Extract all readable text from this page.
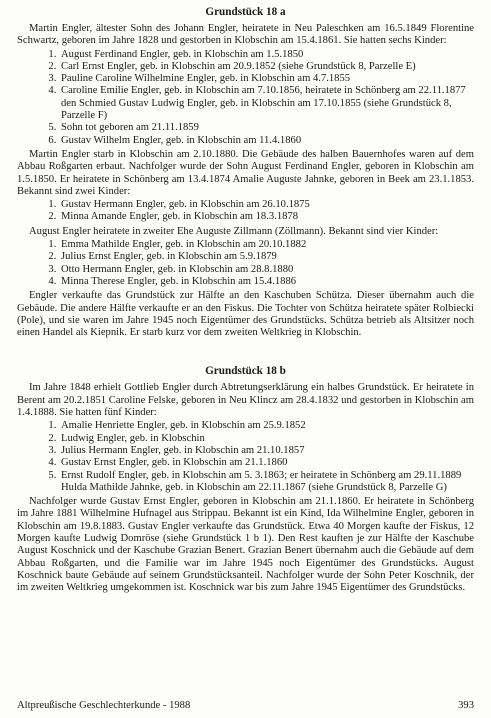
Grundstück 18 a

Martin Engler, ältester Sohn des Johann Engler, heiratete in Neu Paleschken am 16.5.1849 Florentine Schwartz, geboren im Jahre 1828 und gestorben in Klobschin am 15.4.1861. Sie hatten sechs Kinder:

1. August Ferdinand Engler, geb. in Klobschin am 1.5.1850
2. Carl Ernst Engler, geb. in Klobschin am 20.9.1852 (siehe Grundstück 8, Parzelle E)
3. Pauline Caroline Wilhelmine Engler, geb. in Klobschin am 4.7.1855
4. Caroline Emilie Engler, geb. in Klobschin am 7.10.1856, heiratete in Schönberg am 22.11.1877 den Schmied Gustav Ludwig Engler, geb. in Klobschin am 17.10.1855 (siehe Grundstück 8, Parzelle F)
5. Sohn tot geboren am 21.11.1859
6. Gustav Wilhelm Engler, geb. in Klobschin am 11.4.1860

Martin Engler starb in Klobschin am 2.10.1880. Die Gebäude des halben Bauernhofes waren auf dem Abbau Roßgarten erbaut. Nachfolger wurde der Sohn August Ferdinand Engler, geboren in Klobschin am 1.5.1850. Er heiratete in Schönberg am 13.4.1874 Amalie Auguste Jahnke, geboren in Beek am 23.1.1853. Bekannt sind zwei Kinder:

1. Gustav Hermann Engler, geb. in Klobschin am 26.10.1875
2. Minna Amande Engler, geb. in Klobschin am 18.3.1878

August Engler heiratete in zweiter Ehe Auguste Zillmann (Zöllmann). Bekannt sind vier Kinder:

1. Emma Mathilde Engler, geb. in Klobschin am 20.10.1882
2. Julius Ernst Engler, geb. in Klobschin am 5.9.1879
3. Otto Hermann Engler, geb. in Klobschin am 28.8.1880
4. Minna Therese Engler, geb. in Klobschin am 15.4.1886

Engler verkaufte das Grundstück zur Hälfte an den Kaschuben Schütza. Dieser übernahm auch die Gebäude. Die andere Hälfte verkaufte er an den Fiskus. Die Tochter von Schütza heiratete später Rolbiecki (Pole), und sie waren im Jahre 1945 noch Eigentümer des Grundstücks. Schütza betrieb als Altsitzer noch einen Handel als Kiepnik. Er starb kurz vor dem zweiten Weltkrieg in Klobschin.

Grundstück 18 b

Im Jahre 1848 erhielt Gottlieb Engler durch Abtretungserklärung ein halbes Grundstück. Er heiratete in Berent am 20.2.1851 Caroline Felske, geboren in Neu Klincz am 28.4.1832 und gestorben in Klobschin am 1.4.1888. Sie hatten fünf Kinder:

1. Amalie Henriette Engler, geb. in Klobschin am 25.9.1852
2. Ludwig Engler, geb. in Klobschin
3. Julius Hermann Engler, geb. in Klobschin am 21.10.1857
4. Gustav Ernst Engler, geb. in Klobschin am 21.1.1860
5. Ernst Rudolf Engler, geb. in Klobschin am 5. 3.1863; er heiratete in Schönberg am 29.11.1889 Hulda Mathilde Jahnke, geb. in Klobschin am 22.11.1867 (siehe Grundstück 8, Parzelle G)

Nachfolger wurde Gustav Ernst Engler, geboren in Klobschin am 21.1.1860. Er heiratete in Schönberg im Jahre 1881 Wilhelmine Hufnagel aus Strippau. Bekannt ist ein Kind, Ida Wilhelmine Engler, geboren in Klobschin am 19.8.1883. Gustav Engler verkaufte das Grundstück. Etwa 40 Morgen kaufte der Fiskus, 12 Morgen kaufte Ludwig Domröse (siehe Grundstück 1 b 1). Den Rest kauften je zur Hälfte der Kaschube August Koschnick und der Kaschube Grazian Benert. Grazian Benert übernahm auch die Gebäude auf dem Abbau Roßgarten, und die Familie war im Jahre 1945 noch Eigentümer des Grundstücks. August Koschnick baute Gebäude auf seinem Grundstücksanteil. Nachfolger wurde der Sohn Peter Koschnik, der im zweiten Weltkrieg umgekommen ist. Koschnick war bis zum Jahre 1945 Eigentümer des Grundstücks.

Altpreußische Geschlechterkunde - 1988	393
